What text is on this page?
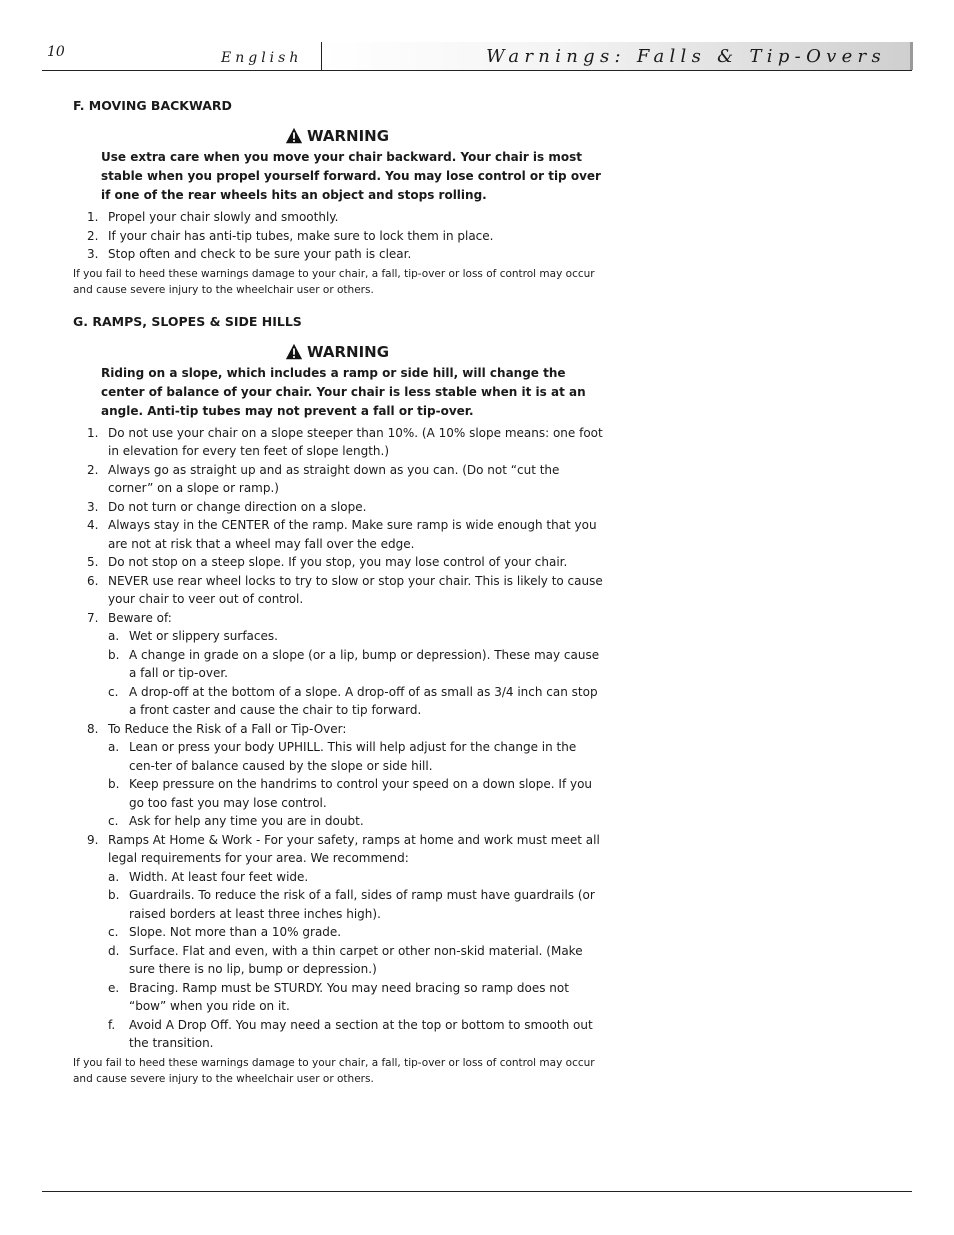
10	English	Warnings: Falls & Tip-Overs
F. MOVING BACKWARD
WARNING
Use extra care when you move your chair backward. Your chair is most stable when you propel yourself forward. You may lose control or tip over if one of the rear wheels hits an object and stops rolling.
1. Propel your chair slowly and smoothly.
2. If your chair has anti-tip tubes, make sure to lock them in place.
3. Stop often and check to be sure your path is clear.
If you fail to heed these warnings damage to your chair, a fall, tip-over or loss of control may occur and cause severe injury to the wheelchair user or others.
G. RAMPS, SLOPES & SIDE HILLS
WARNING
Riding on a slope, which includes a ramp or side hill, will change the center of balance of your chair. Your chair is less stable when it is at an angle. Anti-tip tubes may not prevent a fall or tip-over.
1. Do not use your chair on a slope steeper than 10%. (A 10% slope means: one foot in elevation for every ten feet of slope length.)
2. Always go as straight up and as straight down as you can. (Do not “cut the corner” on a slope or ramp.)
3. Do not turn or change direction on a slope.
4. Always stay in the CENTER of the ramp. Make sure ramp is wide enough that you are not at risk that a wheel may fall over the edge.
5. Do not stop on a steep slope. If you stop, you may lose control of your chair.
6. NEVER use rear wheel locks to try to slow or stop your chair. This is likely to cause your chair to veer out of control.
7. Beware of:
a. Wet or slippery surfaces.
b. A change in grade on a slope (or a lip, bump or depression). These may cause a fall or tip-over.
c. A drop-off at the bottom of a slope. A drop-off of as small as 3/4 inch can stop a front caster and cause the chair to tip forward.
8. To Reduce the Risk of a Fall or Tip-Over:
a. Lean or press your body UPHILL. This will help adjust for the change in the cen-ter of balance caused by the slope or side hill.
b. Keep pressure on the handrims to control your speed on a down slope. If you go too fast you may lose control.
c. Ask for help any time you are in doubt.
9. Ramps At Home & Work - For your safety, ramps at home and work must meet all legal requirements for your area. We recommend:
a. Width. At least four feet wide.
b. Guardrails. To reduce the risk of a fall, sides of ramp must have guardrails (or raised borders at least three inches high).
c. Slope. Not more than a 10% grade.
d. Surface. Flat and even, with a thin carpet or other non-skid material. (Make sure there is no lip, bump or depression.)
e. Bracing. Ramp must be STURDY. You may need bracing so ramp does not “bow” when you ride on it.
f. Avoid A Drop Off. You may need a section at the top or bottom to smooth out the transition.
If you fail to heed these warnings damage to your chair, a fall, tip-over or loss of control may occur and cause severe injury to the wheelchair user or others.
